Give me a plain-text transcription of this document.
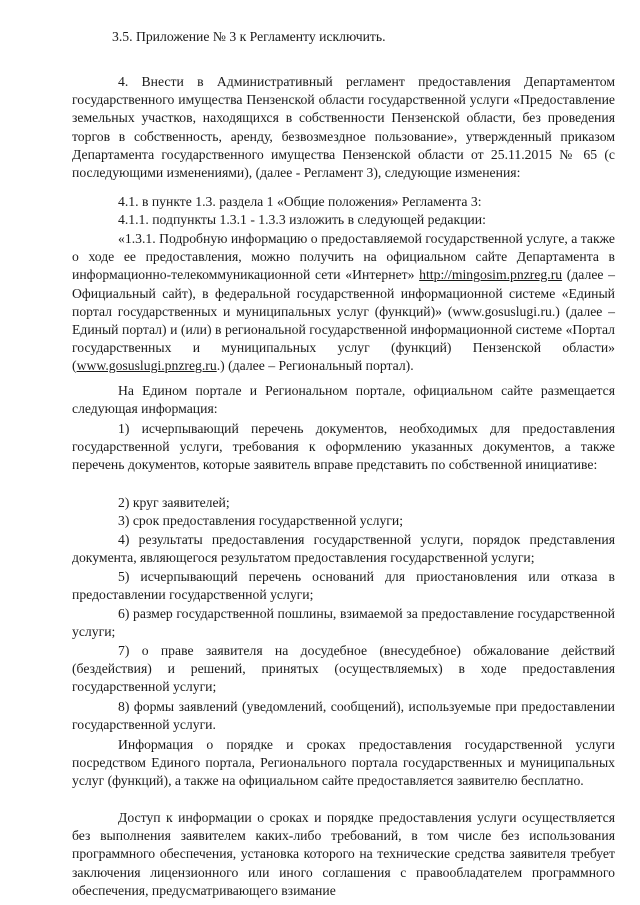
3.5. Приложение № 3 к Регламенту исключить.

4. Внести в Административный регламент предоставления Департаментом государственного имущества Пензенской области государственной услуги «Предоставление земельных участков, находящихся в собственности Пензенской области, без проведения торгов в собственность, аренду, безвозмездное пользование», утвержденный приказом Департамента государственного имущества Пензенской области от 25.11.2015 № 65 (с последующими изменениями), (далее - Регламент 3), следующие изменения:

4.1. в пункте 1.3. раздела 1 «Общие положения» Регламента 3:

4.1.1. подпункты 1.3.1 - 1.3.3 изложить в следующей редакции:

«1.3.1. Подробную информацию о предоставляемой государственной услуге, а также о ходе ее предоставления, можно получить на официальном сайте Департамента в информационно-телекоммуникационной сети «Интернет» http://mingosim.pnzreg.ru (далее – Официальный сайт), в федеральной государственной информационной системе «Единый портал государственных и муниципальных услуг (функций)» (www.gosuslugi.ru.) (далее – Единый портал) и (или) в региональной государственной информационной системе «Портал государственных и муниципальных услуг (функций) Пензенской области» (www.gosuslugi.pnzreg.ru.) (далее – Региональный портал).

На Едином портале и Региональном портале, официальном сайте размещается следующая информация:

1) исчерпывающий перечень документов, необходимых для предоставления государственной услуги, требования к оформлению указанных документов, а также перечень документов, которые заявитель вправе представить по собственной инициативе:

2) круг заявителей;

3) срок предоставления государственной услуги;

4) результаты предоставления государственной услуги, порядок представления документа, являющегося результатом предоставления государственной услуги;

5) исчерпывающий перечень оснований для приостановления или отказа в предоставлении государственной услуги;

6) размер государственной пошлины, взимаемой за предоставление государственной услуги;

7) о праве заявителя на досудебное (внесудебное) обжалование действий (бездействия) и решений, принятых (осуществляемых) в ходе предоставления государственной услуги;

8) формы заявлений (уведомлений, сообщений), используемые при предоставлении государственной услуги.

Информация о порядке и сроках предоставления государственной услуги посредством Единого портала, Регионального портала государственных и муниципальных услуг (функций), а также на официальном сайте предоставляется заявителю бесплатно.

Доступ к информации о сроках и порядке предоставления услуги осуществляется без выполнения заявителем каких-либо требований, в том числе без использования программного обеспечения, установка которого на технические средства заявителя требует заключения лицензионного или иного соглашения с правообладателем программного обеспечения, предусматривающего взимание
